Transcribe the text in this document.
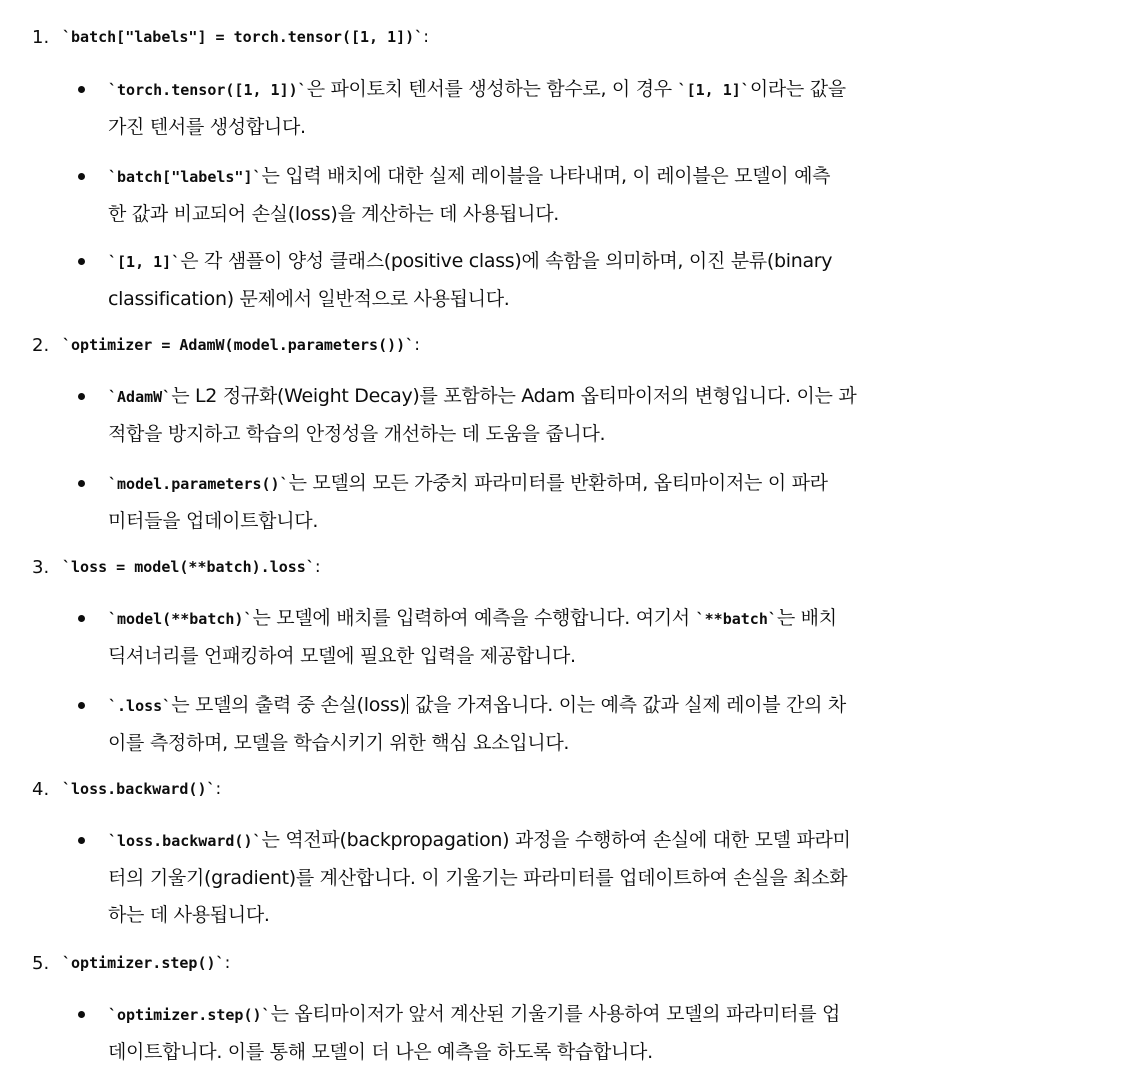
1. `batch["labels"] = torch.tensor([1, 1])` :
`torch.tensor([1, 1])`은 파이토치 텐서를 생성하는 함수로, 이 경우 `[1, 1]`이라는 값을
가진 텐서를 생성합니다.
`batch["labels"]`는 입력 배치에 대한 실제 레이블을 나타내며, 이 레이블은 모델이 예측
한 값과 비교되어 손실(loss)을 계산하는 데 사용됩니다.
`[1, 1]`은 각 샘플이 양성 클래스(positive class)에 속함을 의미하며, 이진 분류(binary
classification) 문제에서 일반적으로 사용됩니다.
2. `optimizer = AdamW(model.parameters())` :
`AdamW`는 L2 정규화(Weight Decay)를 포함하는 Adam 옵티마이저의 변형입니다. 이는 과
적합을 방지하고 학습의 안정성을 개선하는 데 도움을 줍니다.
`model.parameters()`는 모델의 모든 가중치 파라미터를 반환하며, 옵티마이저는 이 파라
미터들을 업데이트합니다.
3. `loss = model(**batch).loss` :
`model(**batch)`는 모델에 배치를 입력하여 예측을 수행합니다. 여기서 `**batch`는 배치
딕셔너리를 언패킹하여 모델에 필요한 입력을 제공합니다.
`.loss`는 모델의 출력 중 손실(loss) 값을 가져옵니다. 이는 예측 값과 실제 레이블 간의 차
이를 측정하며, 모델을 학습시키기 위한 핵심 요소입니다.
4. `loss.backward()` :
`loss.backward()`는 역전파(backpropagation) 과정을 수행하여 손실에 대한 모델 파라미
터의 기울기(gradient)를 계산합니다. 이 기울기는 파라미터를 업데이트하여 손실을 최소화
하는 데 사용됩니다.
5. `optimizer.step()` :
`optimizer.step()`는 옵티마이저가 앞서 계산된 기울기를 사용하여 모델의 파라미터를 업
데이트합니다. 이를 통해 모델이 더 나은 예측을 하도록 학습합니다.
